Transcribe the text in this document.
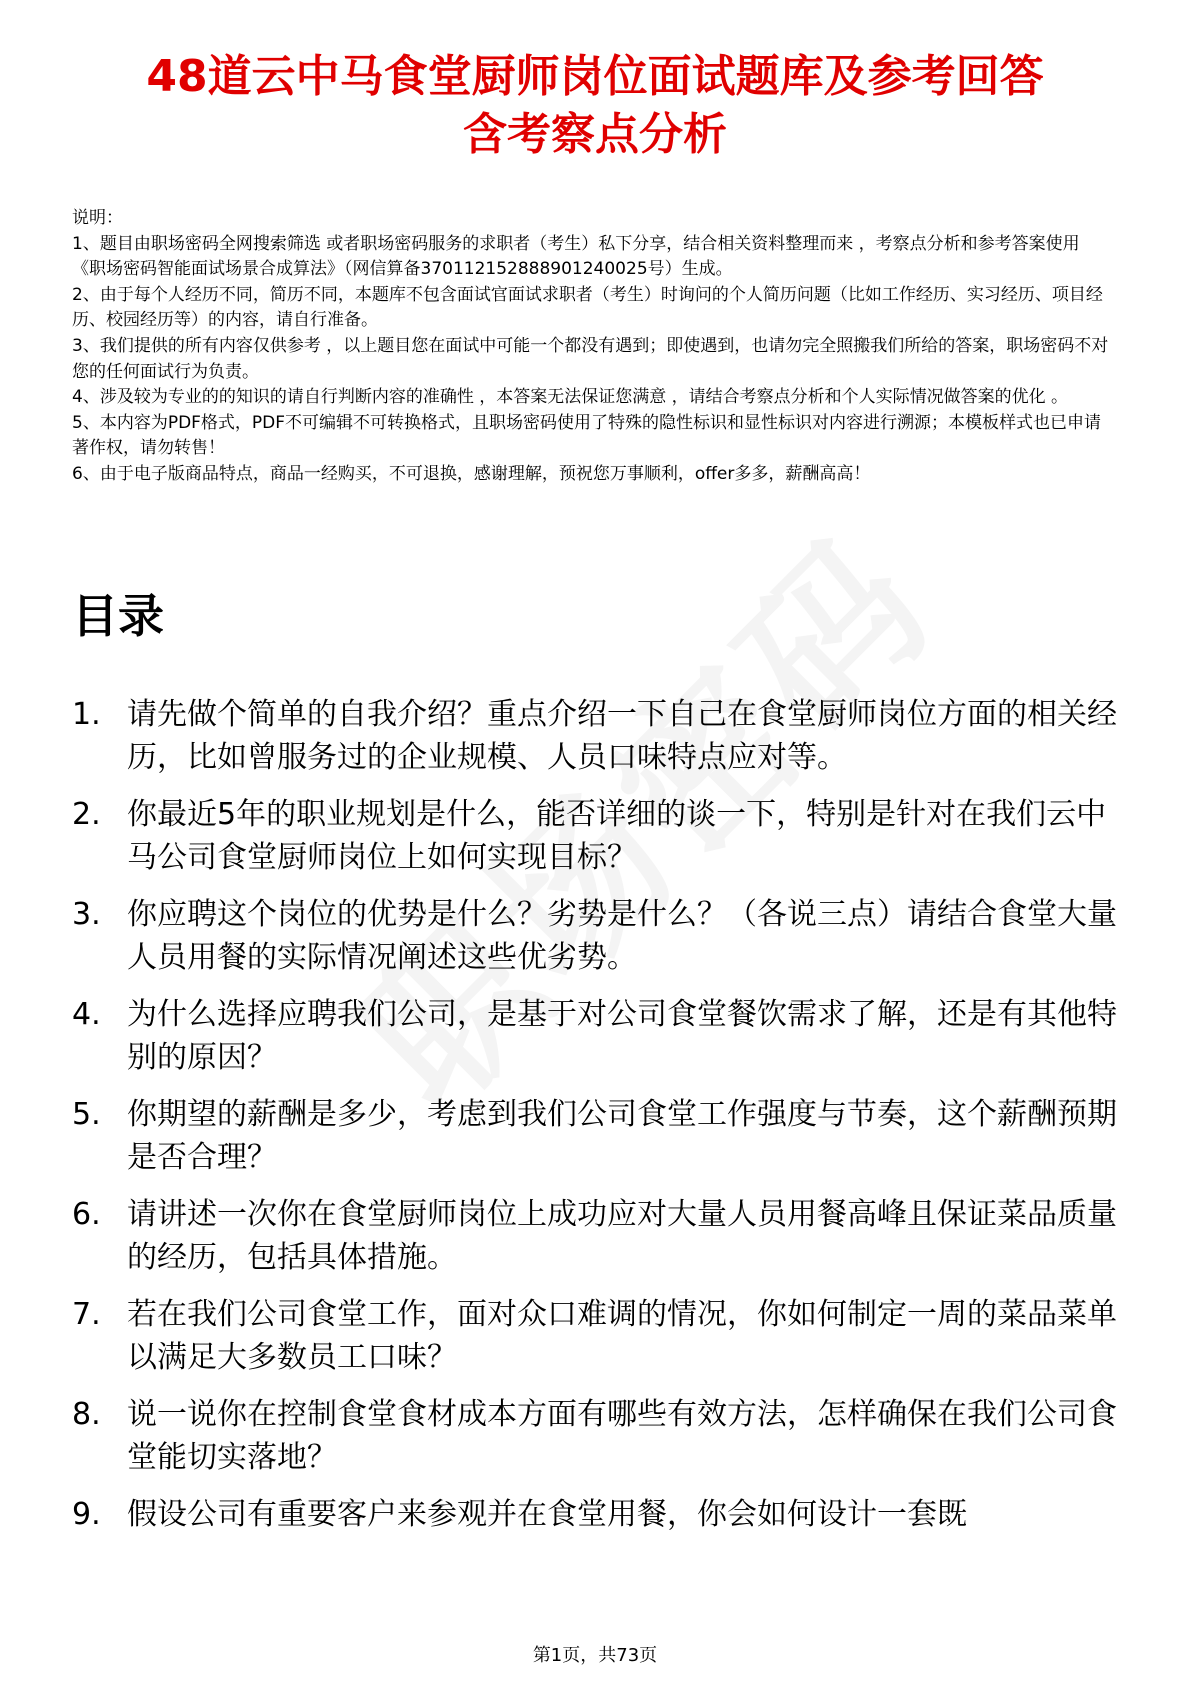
48道云中马食堂厨师岗位面试题库及参考回答
含考察点分析

说明：

1、题目由职场密码全网搜索筛选 或者职场密码服务的求职者（考生）私下分享，结合相关资料整理而来 ，考察点分析和参考答案使用《职场密码智能面试场景合成算法》（网信算备370112152888901240025号）生成。

2、由于每个人经历不同，简历不同，本题库不包含面试官面试求职者（考生）时询问的个人简历问题（比如工作经历、实习经历、项目经历、校园经历等）的内容，请自行准备。

3、我们提供的所有内容仅供参考 ，以上题目您在面试中可能一个都没有遇到；即使遇到，也请勿完全照搬我们所给的答案，职场密码不对您的任何面试行为负责。

4、涉及较为专业的的知识的请自行判断内容的准确性 ，本答案无法保证您满意 ，请结合考察点分析和个人实际情况做答案的优化 。

5、本内容为PDF格式，PDF不可编辑不可转换格式，且职场密码使用了特殊的隐性标识和显性标识对内容进行溯源；本模板样式也已申请著作权，请勿转售！

6、由于电子版商品特点，商品一经购买，不可退换，感谢理解，预祝您万事顺利，offer多多，薪酬高高！

目录
1. 请先做个简单的自我介绍？重点介绍一下自己在食堂厨师岗位方面的相关经历，比如曾服务过的企业规模、人员口味特点应对等。
2. 你最近5年的职业规划是什么，能否详细的谈一下，特别是针对在我们云中马公司食堂厨师岗位上如何实现目标？
3. 你应聘这个岗位的优势是什么？劣势是什么？（各说三点）请结合食堂大量人员用餐的实际情况阐述这些优劣势。
4. 为什么选择应聘我们公司，是基于对公司食堂餐饮需求了解，还是有其他特别的原因？
5. 你期望的薪酬是多少，考虑到我们公司食堂工作强度与节奏，这个薪酬预期是否合理？
6. 请讲述一次你在食堂厨师岗位上成功应对大量人员用餐高峰且保证菜品质量的经历，包括具体措施。
7. 若在我们公司食堂工作，面对众口难调的情况，你如何制定一周的菜品菜单以满足大多数员工口味？
8. 说一说你在控制食堂食材成本方面有哪些有效方法，怎样确保在我们公司食堂能切实落地？
9. 假设公司有重要客户来参观并在食堂用餐，你会如何设计一套既
第1页，共73页
